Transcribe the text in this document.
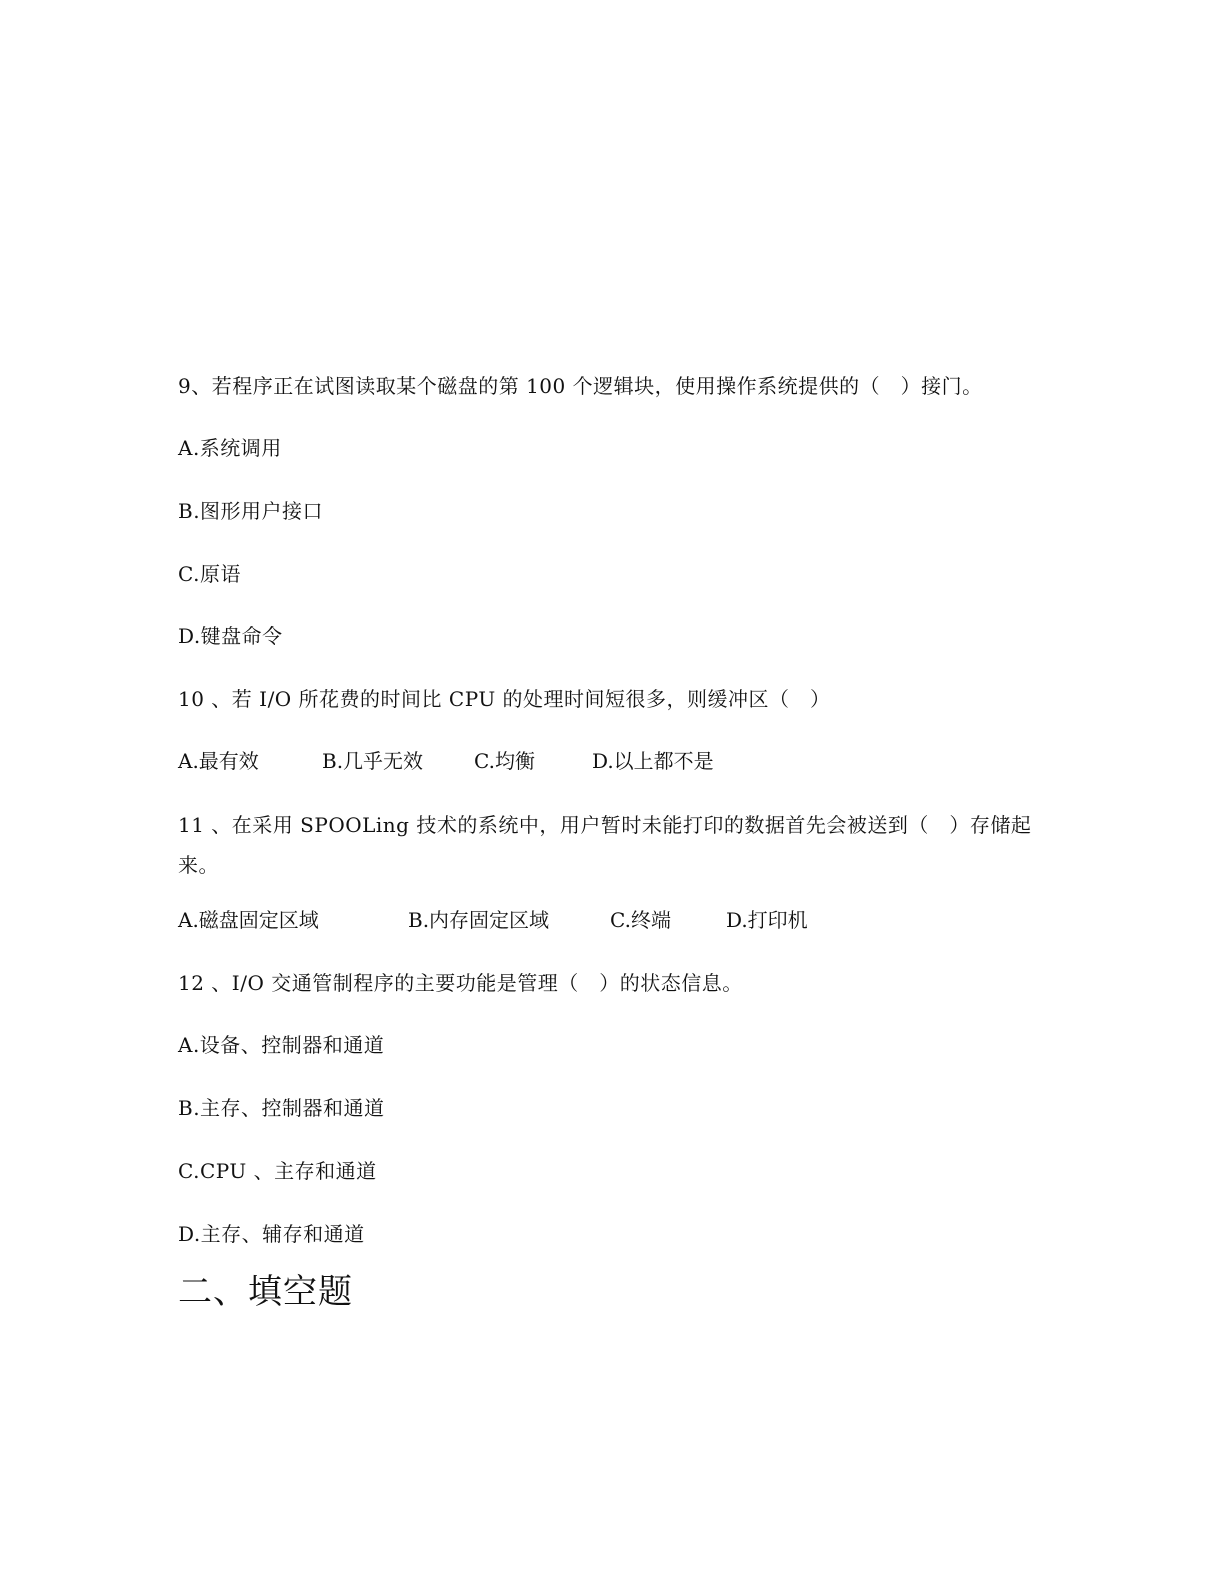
9、若程序正在试图读取某个磁盘的第 100 个逻辑块，使用操作系统提供的（　）接门。
A.系统调用
B.图形用户接口
C.原语
D.键盘命令
10 、若 I/O 所花费的时间比 CPU 的处理时间短很多，则缓冲区（　）
A.最有效	B.几乎无效	C.均衡	D.以上都不是
11 、在采用 SPOOLing 技术的系统中，用户暂时未能打印的数据首先会被送到（　）存储起来。
A.磁盘固定区域	B.内存固定区域	C.终端	D.打印机
12 、I/O 交通管制程序的主要功能是管理（　）的状态信息。
A.设备、控制器和通道
B.主存、控制器和通道
C.CPU 、主存和通道
D.主存、辅存和通道
二、填空题
